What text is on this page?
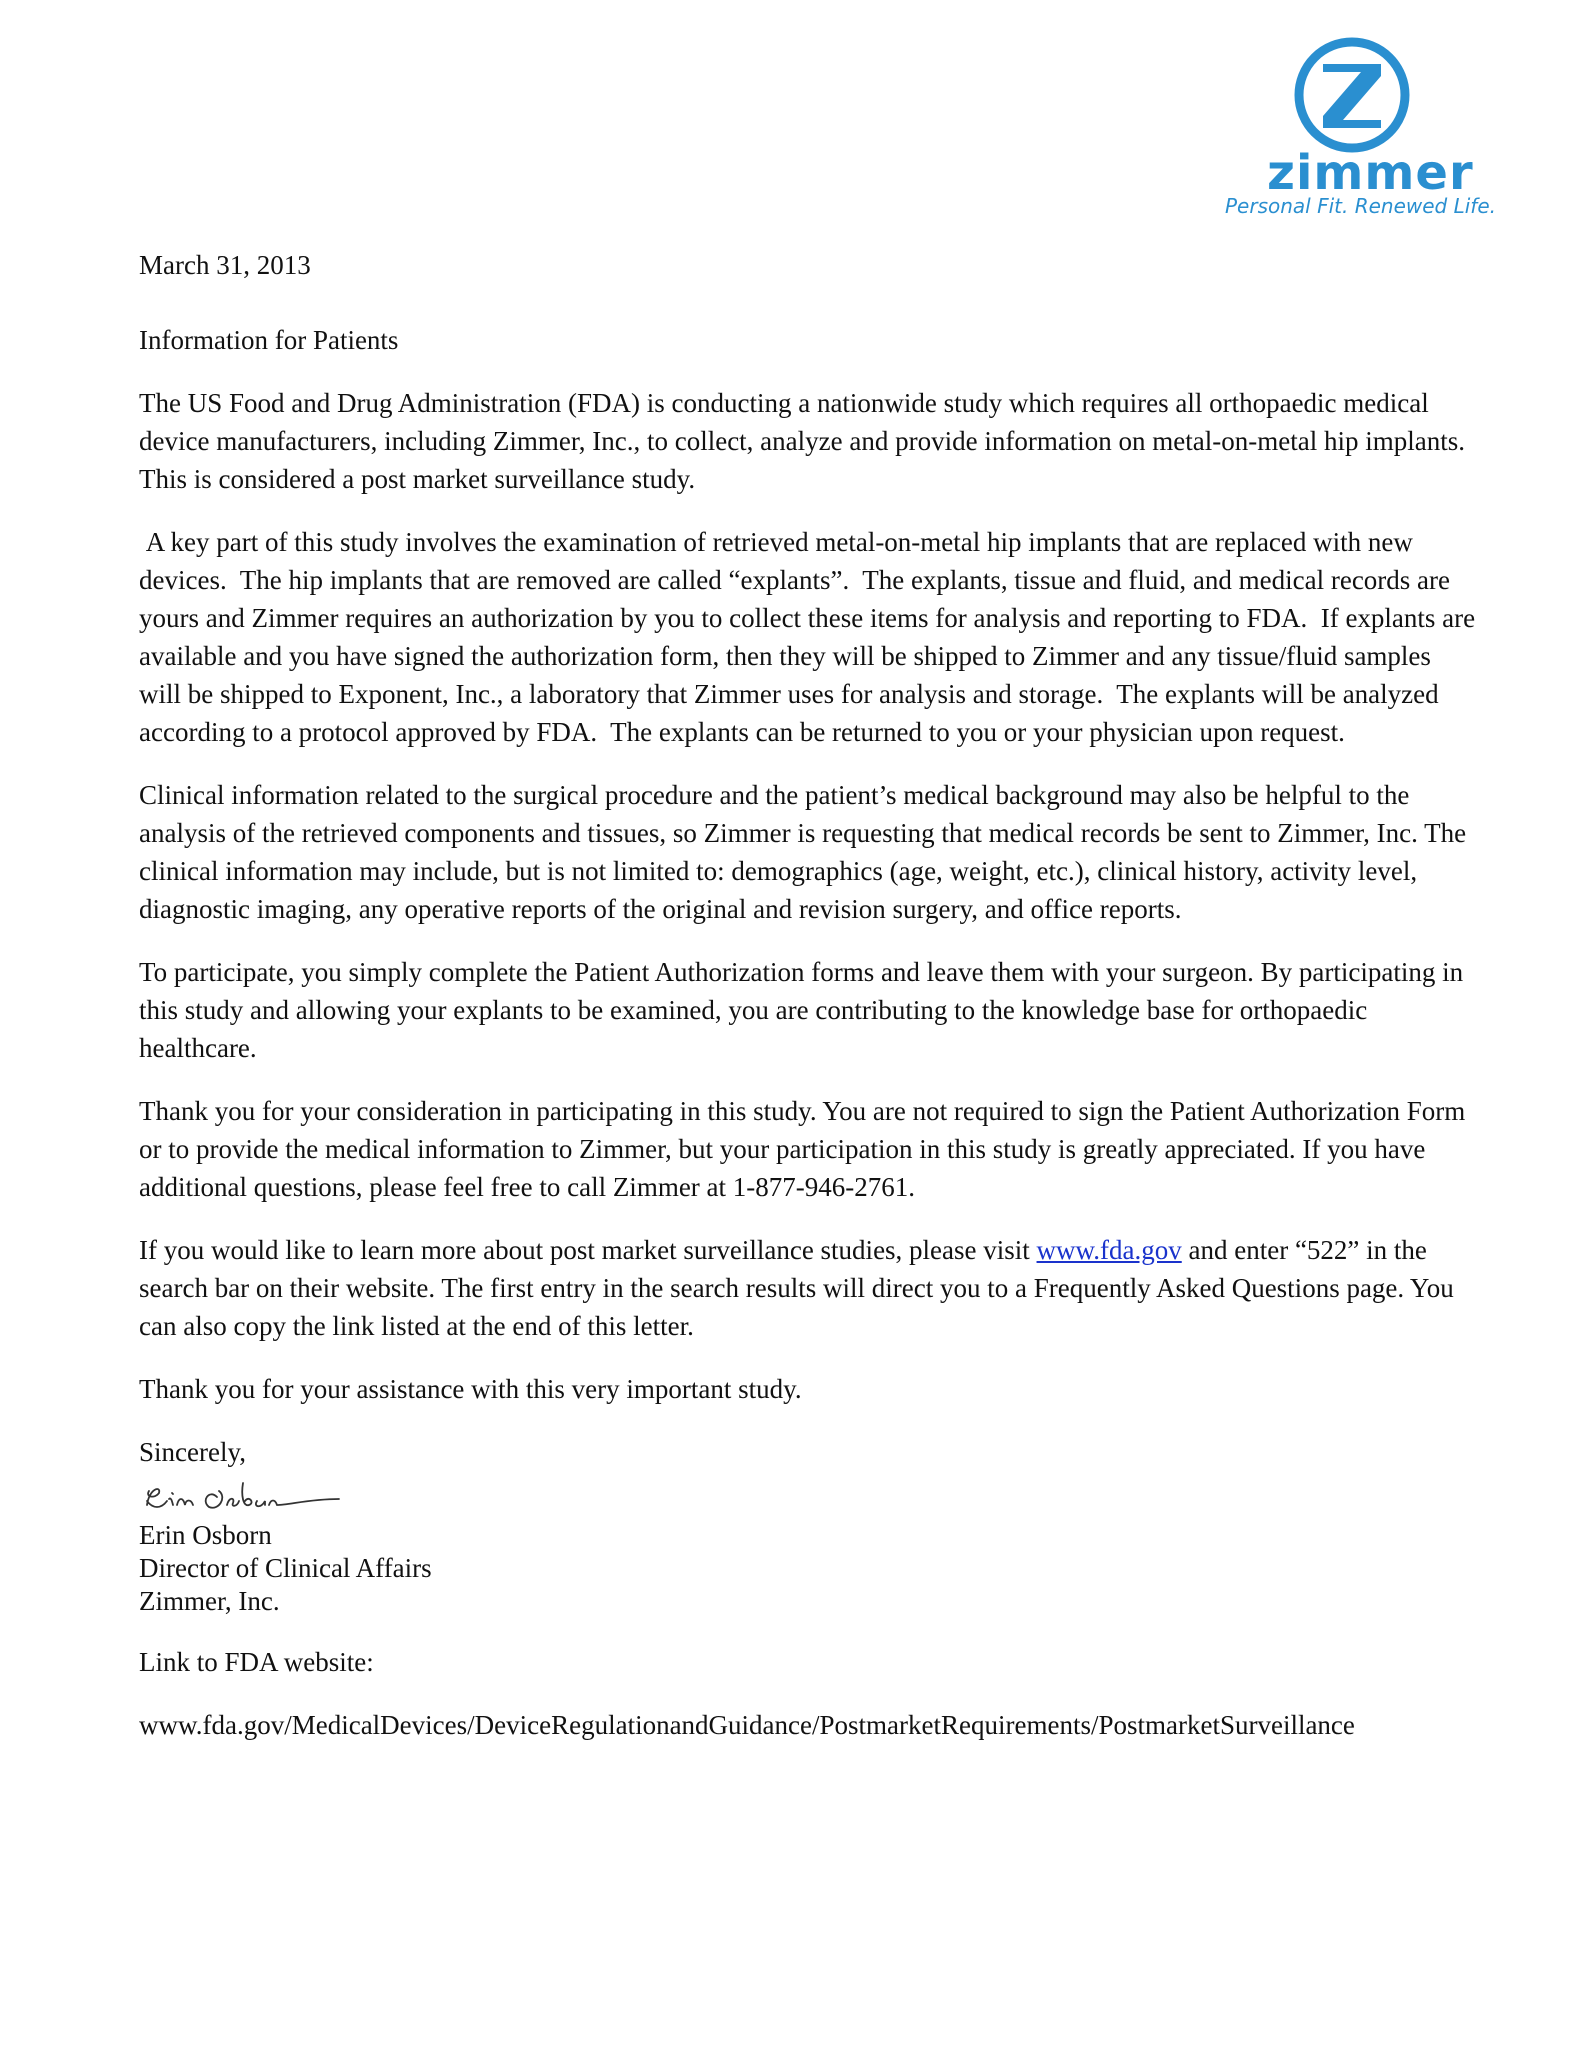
zimmer
Personal Fit. Renewed Life.
March 31, 2013
Information for Patients

The US Food and Drug Administration (FDA) is conducting a nationwide study which requires all orthopaedic medical device manufacturers, including Zimmer, Inc., to collect, analyze and provide information on metal-on-metal hip implants. This is considered a post market surveillance study.

A key part of this study involves the examination of retrieved metal-on-metal hip implants that are replaced with new devices.  The hip implants that are removed are called “explants”.  The explants, tissue and fluid, and medical records are yours and Zimmer requires an authorization by you to collect these items for analysis and reporting to FDA.  If explants are available and you have signed the authorization form, then they will be shipped to Zimmer and any tissue/fluid samples will be shipped to Exponent, Inc., a laboratory that Zimmer uses for analysis and storage.  The explants will be analyzed according to a protocol approved by FDA.  The explants can be returned to you or your physician upon request.

Clinical information related to the surgical procedure and the patient’s medical background may also be helpful to the analysis of the retrieved components and tissues, so Zimmer is requesting that medical records be sent to Zimmer, Inc. The clinical information may include, but is not limited to: demographics (age, weight, etc.), clinical history, activity level, diagnostic imaging, any operative reports of the original and revision surgery, and office reports.

To participate, you simply complete the Patient Authorization forms and leave them with your surgeon. By participating in this study and allowing your explants to be examined, you are contributing to the knowledge base for orthopaedic healthcare.

Thank you for your consideration in participating in this study. You are not required to sign the Patient Authorization Form or to provide the medical information to Zimmer, but your participation in this study is greatly appreciated. If you have additional questions, please feel free to call Zimmer at 1-877-946-2761.

If you would like to learn more about post market surveillance studies, please visit www.fda.gov and enter “522” in the search bar on their website. The first entry in the search results will direct you to a Frequently Asked Questions page. You can also copy the link listed at the end of this letter.

Thank you for your assistance with this very important study.

Sincerely,
Erin Osborn
Director of Clinical Affairs
Zimmer, Inc.
Link to FDA website:
www.fda.gov/MedicalDevices/DeviceRegulationandGuidance/PostmarketRequirements/PostmarketSurveillance
